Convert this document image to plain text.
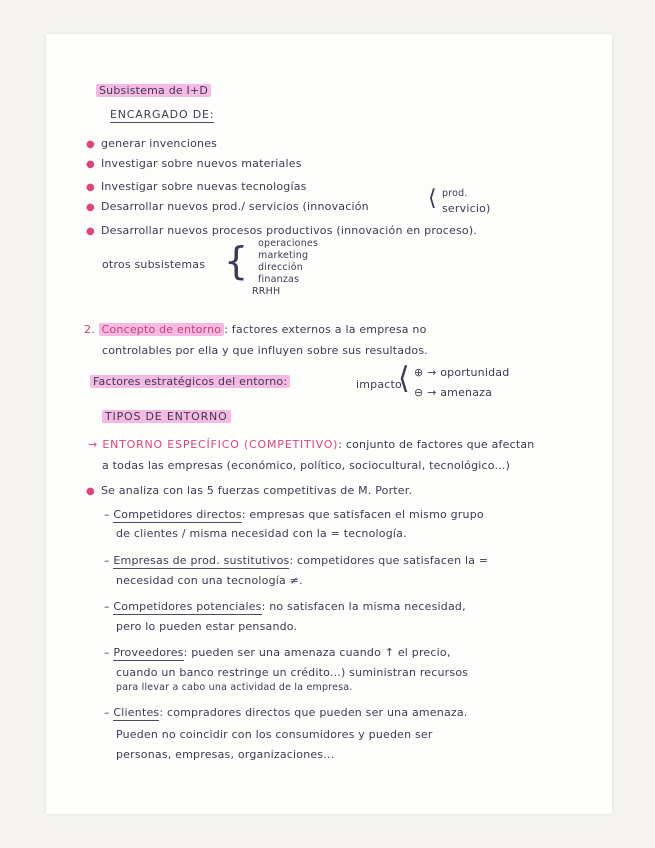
Subsistema de I+D
ENCARGADO DE:
● generar invenciones
● Investigar sobre nuevos materiales
● Investigar sobre nuevas tecnologías
● Desarrollar nuevos prod./ servicios (innovación	⟨ prod.
servicio)
● Desarrollar nuevos procesos productivos (innovación en proceso).
otros subsistemas { operaciones
marketing
dirección
finanzas
RRHH
2. Concepto de entorno : factores externos a la empresa no
controlables por ella y que influyen sobre sus resultados.
Factores estratégicos del entorno:	impacto
⟨ ⊕ → oportunidad
⊖ → amenaza
TIPOS DE ENTORNO
→ ENTORNO ESPECÍFICO (COMPETITIVO): conjunto de factores que afectan
a todas las empresas (económico, político, sociocultural, tecnológico...)
● Se analiza con las 5 fuerzas competitivas de M. Porter.
– Competidores directos: empresas que satisfacen el mismo grupo
de clientes / misma necesidad con la = tecnología.
– Empresas de prod. sustitutivos: competidores que satisfacen la =
necesidad con una tecnología ≠.
– Competidores potenciales: no satisfacen la misma necesidad,
pero lo pueden estar pensando.
– Proveedores: pueden ser una amenaza cuando ↑ el precio,
cuando un banco restringe un crédito...) suministran recursos
para llevar a cabo una actividad de la empresa.
– Clientes: compradores directos que pueden ser una amenaza.
Pueden no coincidir con los consumidores y pueden ser
personas, empresas, organizaciones...
